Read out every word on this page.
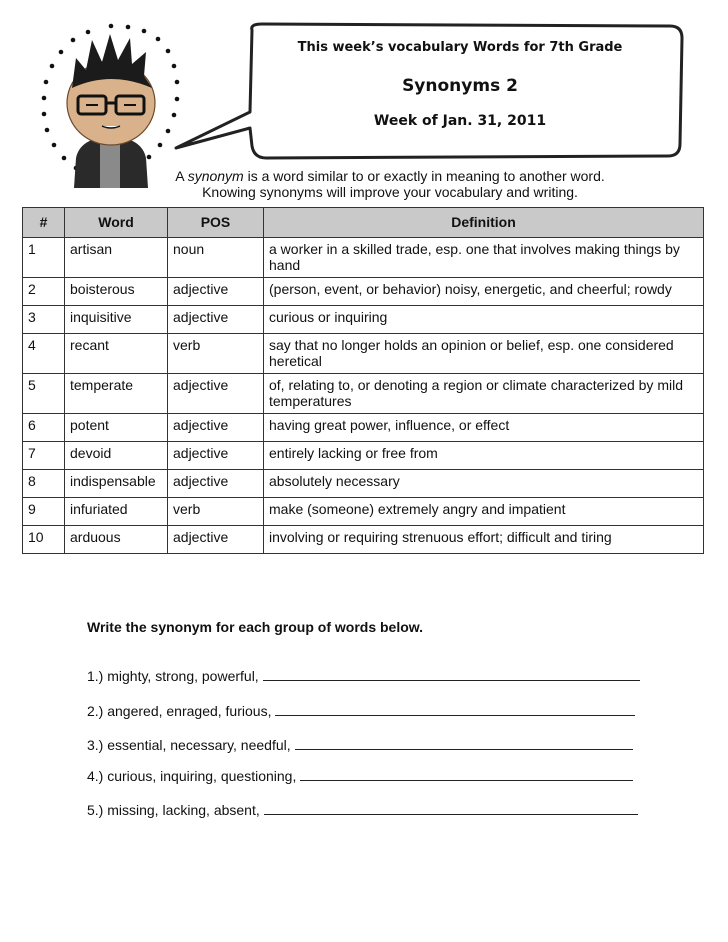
This week’s vocabulary Words for 7th Grade
Synonyms 2
Week of Jan. 31, 2011
A synonym is a word similar to or exactly in meaning to another word.
Knowing synonyms will improve your vocabulary and writing.
#	Word	POS	Definition
1	artisan	noun	a worker in a skilled trade, esp. one that involves making things by hand
2	boisterous	adjective	(person, event, or behavior) noisy, energetic, and cheerful; rowdy
3	inquisitive	adjective	curious or inquiring
4	recant	verb	say that no longer holds an opinion or belief, esp. one considered heretical
5	temperate	adjective	of, relating to, or denoting a region or climate characterized by mild temperatures
6	potent	adjective	having great power, influence, or effect
7	devoid	adjective	entirely lacking or free from
8	indispensable	adjective	absolutely necessary
9	infuriated	verb	make (someone) extremely angry and impatient
10	arduous	adjective	involving or requiring strenuous effort; difficult and tiring
Write the synonym for each group of words below.
1.) mighty, strong, powerful,
2.) angered, enraged, furious,
3.) essential, necessary, needful,
4.) curious, inquiring, questioning,
5.) missing, lacking, absent,
